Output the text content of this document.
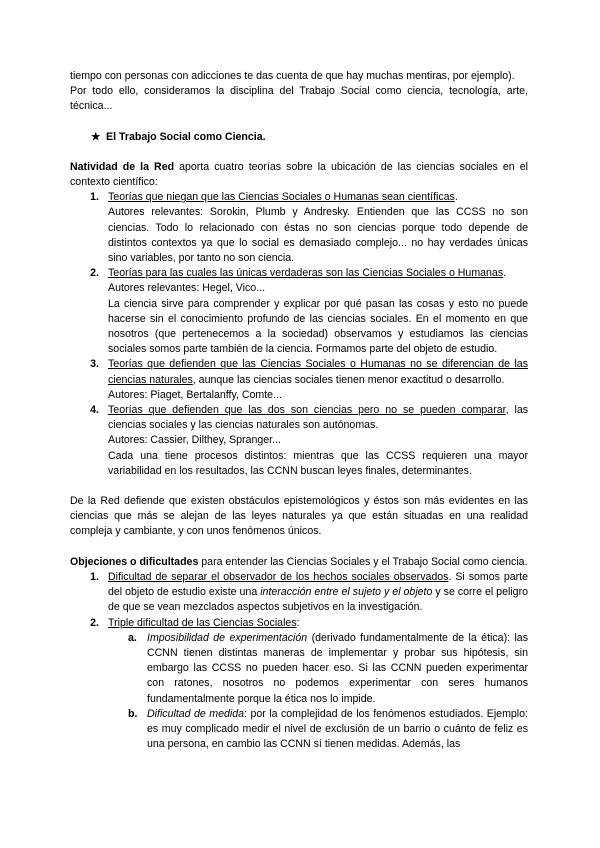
tiempo con personas con adicciones te das cuenta de que hay muchas mentiras, por ejemplo).

Por todo ello, consideramos la disciplina del Trabajo Social como ciencia, tecnología, arte, técnica...

★ El Trabajo Social como Ciencia.

Natividad de la Red aporta cuatro teorías sobre la ubicación de las ciencias sociales en el contexto científico:

1. Teorías que niegan que las Ciencias Sociales o Humanas sean científicas.

Autores relevantes: Sorokin, Plumb y Andresky. Entienden que las CCSS no son ciencias. Todo lo relacionado con éstas no son ciencias porque todo depende de distintos contextos ya que lo social es demasiado complejo... no hay verdades únicas sino variables, por tanto no son ciencia.

2. Teorías para las cuales las únicas verdaderas son las Ciencias Sociales o Humanas.

Autores relevantes: Hegel, Vico...

La ciencia sirve para comprender y explicar por qué pasan las cosas y esto no puede hacerse sin el conocimiento profundo de las ciencias sociales. En el momento en que nosotros (que pertenecemos a la sociedad) observamos y estudiamos las ciencias sociales somos parte también de la ciencia. Formamos parte del objeto de estudio.

3. Teorías que defienden que las Ciencias Sociales o Humanas no se diferencian de las ciencias naturales, aunque las ciencias sociales tienen menor exactitud o desarrollo.

Autores: Piaget, Bertalanffy, Comte...

4. Teorías que defienden que las dos son ciencias pero no se pueden comparar, las ciencias sociales y las ciencias naturales son autónomas.

Autores: Cassier, Dilthey, Spranger...

Cada una tiene procesos distintos: mientras que las CCSS requieren una mayor variabilidad en los resultados, las CCNN buscan leyes finales, determinantes.

De la Red defiende que existen obstáculos epistemológicos y éstos son más evidentes en las ciencias que más se alejan de las leyes naturales ya que están situadas en una realidad compleja y cambiante, y con unos fenómenos únicos.

Objeciones o dificultades para entender las Ciencias Sociales y el Trabajo Social como ciencia.

1. Dificultad de separar el observador de los hechos sociales observados. Si somos parte del objeto de estudio existe una interacción entre el sujeto y el objeto y se corre el peligro de que se vean mezclados aspectos subjetivos en la investigación.

2. Triple dificultad de las Ciencias Sociales:

a. Imposibilidad de experimentación (derivado fundamentalmente de la ética): las CCNN tienen distintas maneras de implementar y probar sus hipótesis, sin embargo las CCSS no pueden hacer eso. Si las CCNN pueden experimentar con ratones, nosotros no podemos experimentar con seres humanos fundamentalmente porque la ética nos lo impide.

b. Dificultad de medida: por la complejidad de los fenómenos estudiados. Ejemplo: es muy complicado medir el nivel de exclusión de un barrio o cuánto de feliz es una persona, en cambio las CCNN sí tienen medidas. Además, las
